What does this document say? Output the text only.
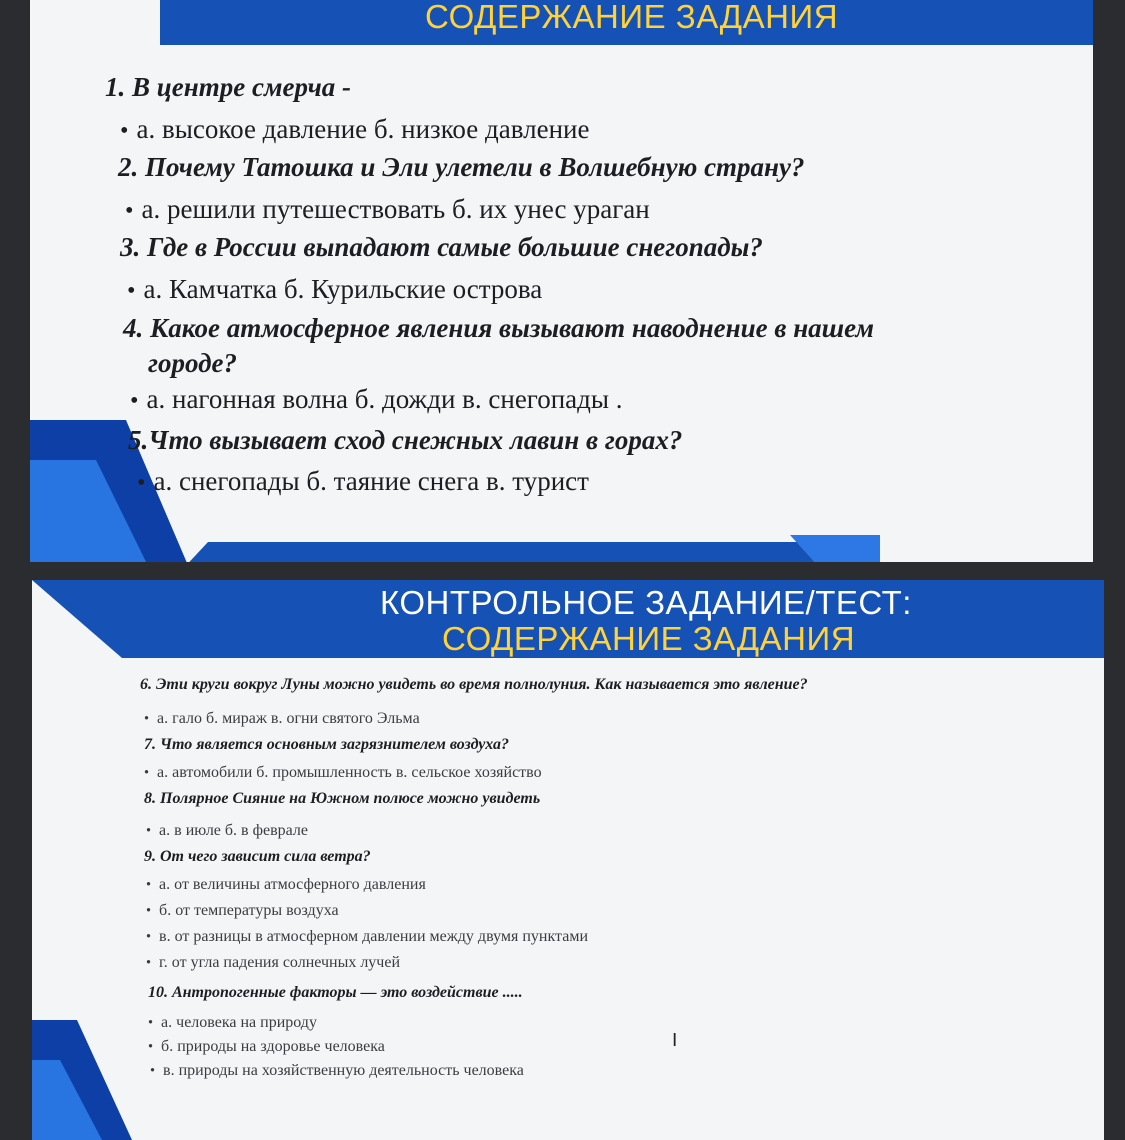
СОДЕРЖАНИЕ ЗАДАНИЯ
1. В центре смерча -
• а. высокое давление б. низкое давление
2. Почему Татошка и Эли улетели в Волшебную страну?
• а. решили путешествовать б. их унес ураган
3. Где в России выпадают самые большие снегопады?
• а. Камчатка б. Курильские острова
4. Какое атмосферное явления вызывают наводнение в нашем
городе?
• а. нагонная волна б. дожди в. снегопады .
5.Что вызывает сход снежных лавин в горах?
• а. снегопады б. таяние снега в. турист
КОНТРОЛЬНОЕ ЗАДАНИЕ/ТЕСТ:
СОДЕРЖАНИЕ ЗАДАНИЯ
6. Эти круги вокруг Луны можно увидеть во время полнолуния. Как называется это явление?
• а. гало б. мираж в. огни святого Эльма
7. Что является основным загрязнителем воздуха?
• а. автомобили б. промышленность в. сельское хозяйство
8. Полярное Сияние на Южном полюсе можно увидеть
• а. в июле б. в феврале
9. От чего зависит сила ветра?
• а. от величины атмосферного давления
• б. от температуры воздуха
• в. от разницы в атмосферном давлении между двумя пунктами
• г. от угла падения солнечных лучей
10. Антропогенные факторы — это воздействие .....
• а. человека на природу
• б. природы на здоровье человека
• в. природы на хозяйственную деятельность человека
I
